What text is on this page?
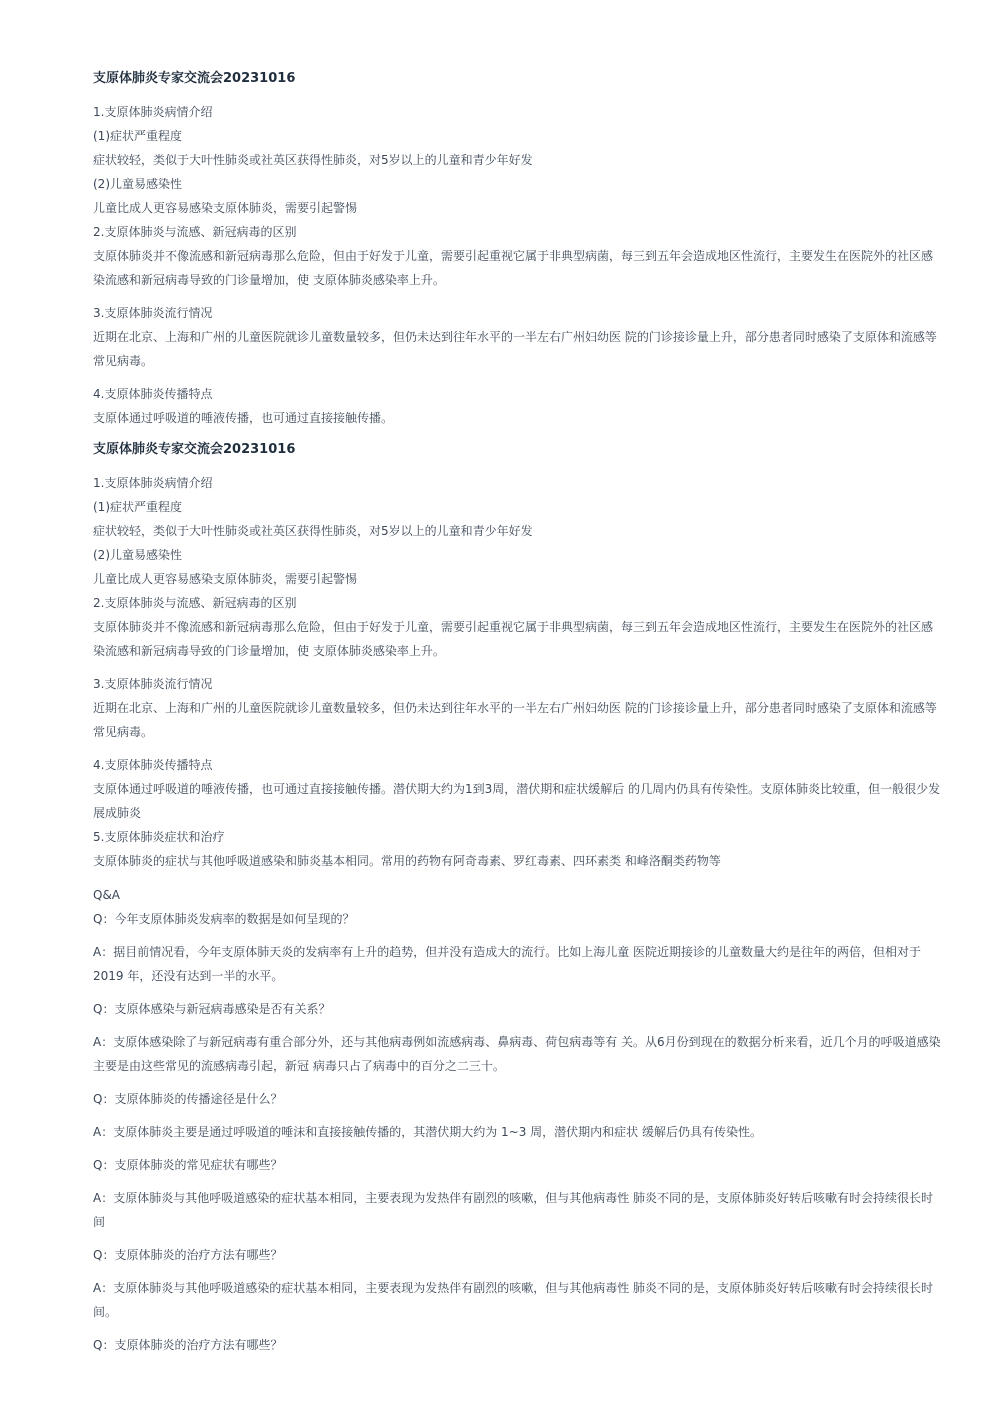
支原体肺炎专家交流会20231016
1.支原体肺炎病情介绍
(1)症状严重程度
症状较轻，类似于大叶性肺炎或社英区获得性肺炎，对5岁以上的儿童和青少年好发
(2)儿童易感染性
儿童比成人更容易感染支原体肺炎，需要引起警惕
2.支原体肺炎与流感、新冠病毒的区别
支原体肺炎并不像流感和新冠病毒那么危险，但由于好发于儿童，需要引起重视它属于非典型病菌，每三到五年会造成地区性流行，主要发生在医院外的社区感染流感和新冠病毒导致的门诊量增加，使 支原体肺炎感染率上升。
3.支原体肺炎流行情况
近期在北京、上海和广州的儿童医院就诊儿童数量较多，但仍未达到往年水平的一半左右广州妇幼医 院的门诊接诊量上升，部分患者同时感染了支原体和流感等常见病毒。
4.支原体肺炎传播特点
支原体通过呼吸道的唾液传播，也可通过直接接触传播。
支原体肺炎专家交流会20231016
1.支原体肺炎病情介绍
(1)症状严重程度
症状较轻，类似于大叶性肺炎或社英区获得性肺炎，对5岁以上的儿童和青少年好发
(2)儿童易感染性
儿童比成人更容易感染支原体肺炎，需要引起警惕
2.支原体肺炎与流感、新冠病毒的区别
支原体肺炎并不像流感和新冠病毒那么危险，但由于好发于儿童，需要引起重视它属于非典型病菌，每三到五年会造成地区性流行，主要发生在医院外的社区感染流感和新冠病毒导致的门诊量增加，使 支原体肺炎感染率上升。
3.支原体肺炎流行情况
近期在北京、上海和广州的儿童医院就诊儿童数量较多，但仍未达到往年水平的一半左右广州妇幼医 院的门诊接诊量上升，部分患者同时感染了支原体和流感等常见病毒。
4.支原体肺炎传播特点
支原体通过呼吸道的唾液传播，也可通过直接接触传播。潜伏期大约为1到3周，潜伏期和症状缓解后 的几周内仍具有传染性。支原体肺炎比较重，但一般很少发展成肺炎
5.支原体肺炎症状和治疗
支原体肺炎的症状与其他呼吸道感染和肺炎基本相同。常用的药物有阿奇毒素、罗红毒素、四环素类 和峰洛酮类药物等
Q&A
Q：今年支原体肺炎发病率的数据是如何呈现的？
A：据目前情况看，今年支原体肺天炎的发病率有上升的趋势，但并没有造成大的流行。比如上海儿童 医院近期接诊的儿童数量大约是往年的两倍，但相对于2019 年，还没有达到一半的水平。
Q：支原体感染与新冠病毒感染是否有关系？
A：支原体感染除了与新冠病毒有重合部分外，还与其他病毒例如流感病毒、鼻病毒、荷包病毒等有 关。从6月份到现在的数据分析来看，近几个月的呼吸道感染主要是由这些常见的流感病毒引起，新冠 病毒只占了病毒中的百分之二三十。
Q：支原体肺炎的传播途径是什么？
A：支原体肺炎主要是通过呼吸道的唾沫和直接接触传播的，其潜伏期大约为 1~3 周，潜伏期内和症状 缓解后仍具有传染性。
Q：支原体肺炎的常见症状有哪些？
A：支原体肺炎与其他呼吸道感染的症状基本相同，主要表现为发热伴有剧烈的咳嗽，但与其他病毒性 肺炎不同的是，支原体肺炎好转后咳嗽有时会持续很长时间
Q：支原体肺炎的治疗方法有哪些？
A：支原体肺炎与其他呼吸道感染的症状基本相同，主要表现为发热伴有剧烈的咳嗽，但与其他病毒性 肺炎不同的是，支原体肺炎好转后咳嗽有时会持续很长时间。
Q：支原体肺炎的治疗方法有哪些？
